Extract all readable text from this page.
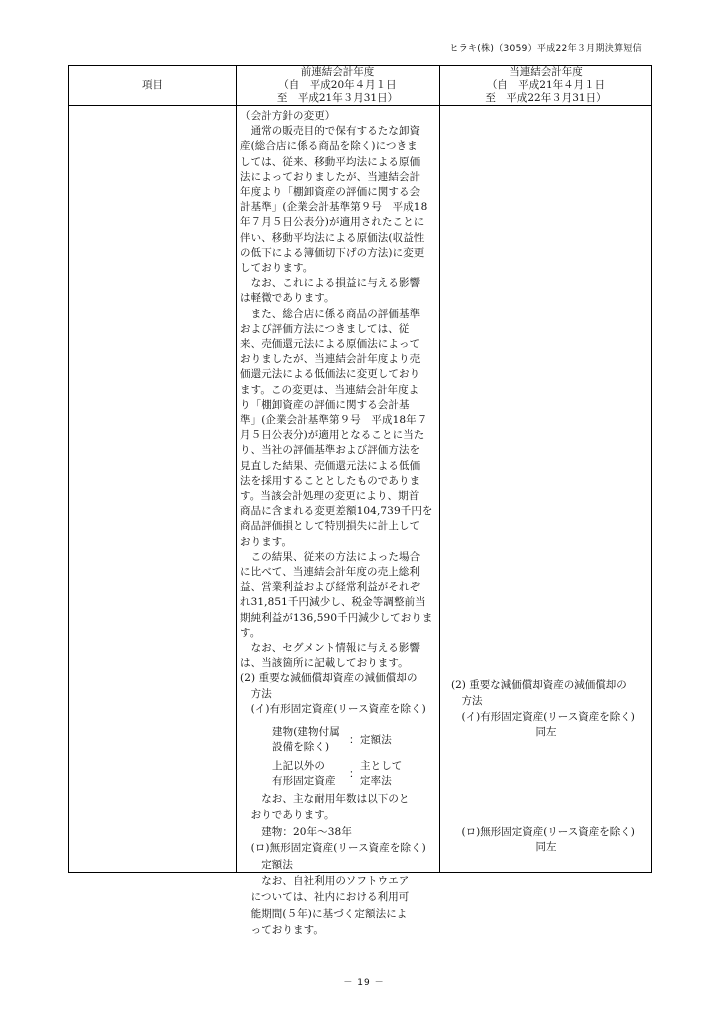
ヒラキ(株)（3059）平成22年３月期決算短信
項目
前連結会計年度
（自　平成20年４月１日
至　平成21年３月31日）
当連結会計年度
（自　平成21年４月１日
至　平成22年３月31日）
（会計方針の変更）
　通常の販売目的で保有するたな卸資
産(総合店に係る商品を除く)につきま
しては、従来、移動平均法による原価
法によっておりましたが、当連結会計
年度より「棚卸資産の評価に関する会
計基準」(企業会計基準第９号　平成18
年７月５日公表分)が適用されたことに
伴い、移動平均法による原価法(収益性
の低下による簿価切下げの方法)に変更
しております。
　なお、これによる損益に与える影響
は軽微であります。
　また、総合店に係る商品の評価基準
および評価方法につきましては、従
来、売価還元法による原価法によって
おりましたが、当連結会計年度より売
価還元法による低価法に変更しており
ます。この変更は、当連結会計年度よ
り「棚卸資産の評価に関する会計基
準」(企業会計基準第９号　平成18年７
月５日公表分)が適用となることに当た
り、当社の評価基準および評価方法を
見直した結果、売価還元法による低価
法を採用することとしたものでありま
す。当該会計処理の変更により、期首
商品に含まれる変更差額104,739千円を
商品評価損として特別損失に計上して
おります。
　この結果、従来の方法によった場合
に比べて、当連結会計年度の売上総利
益、営業利益および経常利益がそれぞ
れ31,851千円減少し、税金等調整前当
期純利益が136,590千円減少しておりま
す。
　なお、セグメント情報に与える影響
は、当該箇所に記載しております。
(2) 重要な減価償却資産の減価償却の
　方法
　(イ)有形固定資産(リース資産を除く)
建物(建物付属
設備を除く)
： 定額法
上記以外の
有形固定資産
：
主として
定率法
　　なお、主な耐用年数は以下のと
　おりであります。
　　建物：20年～38年
　(ロ)無形固定資産(リース資産を除く)
　　定額法
　　なお、自社利用のソフトウエア
　については、社内における利用可
　能期間(５年)に基づく定額法によ
　っております。
(2) 重要な減価償却資産の減価償却の
　方法
　(イ)有形固定資産(リース資産を除く)
同左
　(ロ)無形固定資産(リース資産を除く)
同左
－ 19 －
